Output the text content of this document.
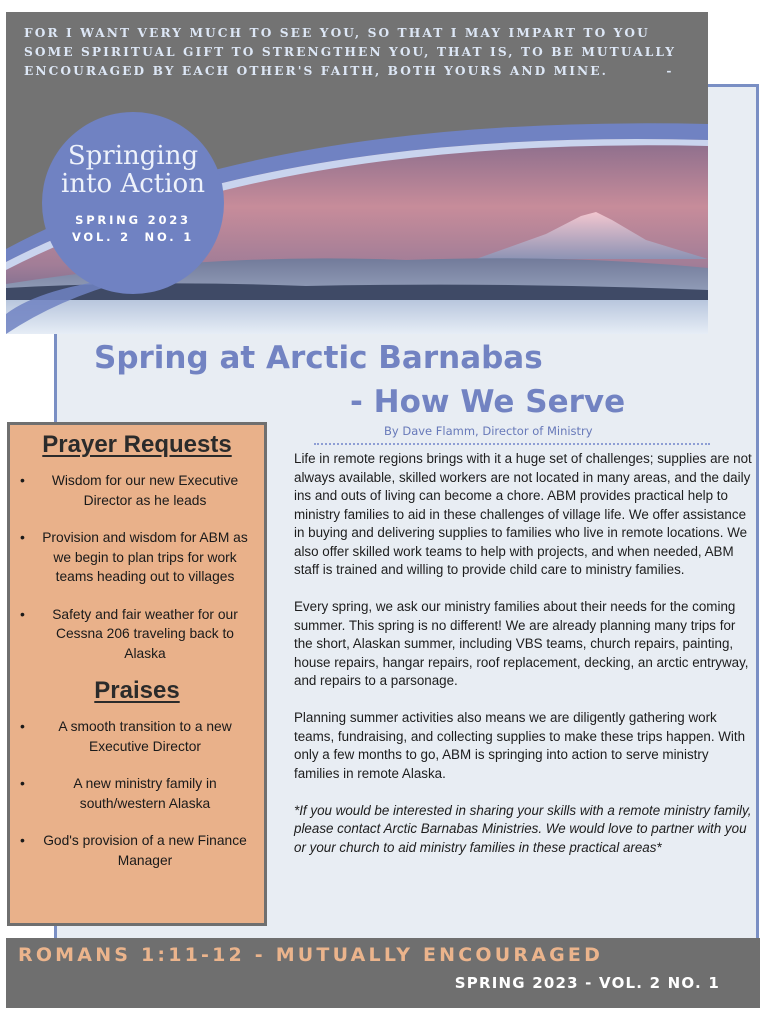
FOR I WANT VERY MUCH TO SEE YOU, SO THAT I MAY IMPART TO YOU SOME SPIRITUAL GIFT TO STRENGTHEN YOU, THAT IS, TO BE MUTUALLY ENCOURAGED BY EACH OTHER'S FAITH, BOTH YOURS AND MINE.	-
Springing
into Action
SPRING 2023
VOL. 2  NO. 1
Spring at Arctic Barnabas
- How We Serve
By Dave Flamm, Director of Ministry

Life in remote regions brings with it a huge set of challenges; supplies are not always available, skilled workers are not located in many areas, and the daily ins and outs of living can become a chore. ABM provides practical help to ministry families to aid in these challenges of village life. We offer assistance in buying and delivering supplies to families who live in remote locations. We also offer skilled work teams to help with projects, and when needed, ABM staff is trained and willing to provide child care to ministry families.

Every spring, we ask our ministry families about their needs for the coming summer. This spring is no different! We are already planning many trips for the short, Alaskan summer, including VBS teams, church repairs, painting, house repairs, hangar repairs, roof replacement, decking, an arctic entryway, and repairs to a parsonage.

Planning summer activities also means we are diligently gathering work teams, fundraising, and collecting supplies to make these trips happen. With only a few months to go, ABM is springing into action to serve ministry families in remote Alaska.

*If you would be interested in sharing your skills with a remote ministry family, please contact Arctic Barnabas Ministries. We would love to partner with you or your church to aid ministry families in these practical areas*

Prayer Requests
• Wisdom for our new Executive Director as he leads
• Provision and wisdom for ABM as we begin to plan trips for work teams heading out to villages
• Safety and fair weather for our Cessna 206 traveling back to Alaska
Praises
• A smooth transition to a new Executive Director
•	A new ministry family in south/western Alaska
• God's provision of a new Finance Manager
ROMANS 1:11-12 - MUTUALLY ENCOURAGED
SPRING 2023 - VOL. 2 NO. 1
